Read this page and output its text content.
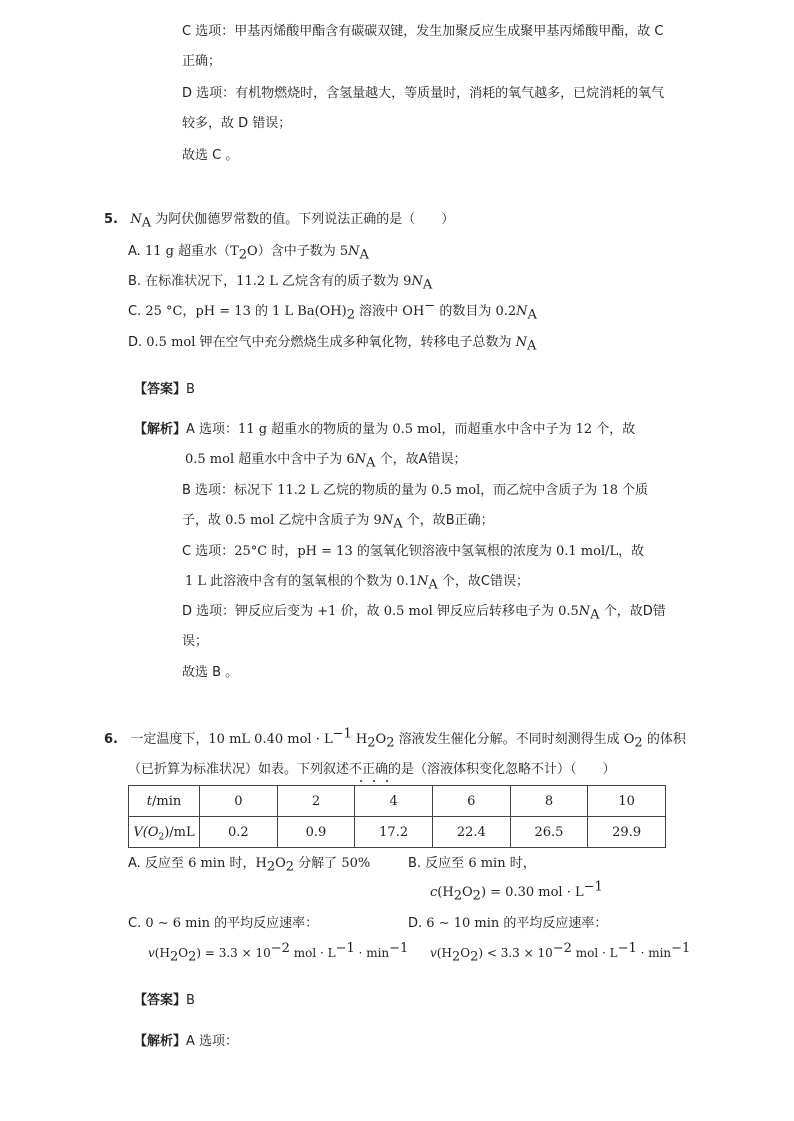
C 选项：甲基丙烯酸甲酯含有碳碳双键，发生加聚反应生成聚甲基丙烯酸甲酯，故 C
正确；
D 选项：有机物燃烧时，含氢量越大，等质量时，消耗的氧气越多，已烷消耗的氧气
较多，故 D 错误；
故选 C 。
5. $N_A$ 为阿伏伽德罗常数的值。下列说法正确的是（　　）
A. 11 g 超重水$(T_2O)$含中子数为 $5N_A$
B. 在标准状况下，11.2 L 乙烷含有的质子数为 $9N_A$
C. 25 °C，pH = 13 的 1 L $Ba(OH)_2$ 溶液中 OH− 的数目为 $0.2N_A$
D. 0.5 mol 钾在空气中充分燃烧生成多种氧化物，转移电子总数为 $N_A$
【答案】B
【解析】A 选项：11 g 超重水的物质的量为 0.5 mol，而超重水中含中子为 12 个，故
0.5 mol 超重水中含中子为 $6N_A$ 个，故A错误；
B 选项：标况下 11.2 L 乙烷的物质的量为 0.5 mol，而乙烷中含质子为 18 个质
子，故 0.5 mol 乙烷中含质子为 $9N_A$ 个，故B正确；
C 选项：25°C 时，pH = 13 的氢氧化钡溶液中氢氧根的浓度为 0.1 mol/L，故
1 L 此溶液中含有的氢氧根的个数为 $0.1N_A$ 个，故C错误；
D 选项：钾反应后变为 +1 价，故 0.5 mol 钾反应后转移电子为 $0.5N_A$ 个，故D错
误；
故选 B 。
6. 一定温度下，10 mL 0.40 mol · $L^{-1}$ $H_2O_2$ 溶液发生催化分解。不同时刻测得生成 $O_2$ 的体积
（已折算为标准状况）如表。下列叙述不正确的是（溶液体积变化忽略不计）（　　）
t/min	0	2	4	6	8	10
$V(O_2)/mL$	0.2	0.9	17.2	22.4	26.5	29.9
A. 反应至 6 min 时，$H_2O_2$ 分解了 50%	B. 反应至 6 min 时，
$c(H_2O_2) = 0.30$ mol · $L^{-1}$
C. 0 ∼ 6 min 的平均反应速率：
$v(H_2O_2) = 3.3 \times 10^{-2}$ mol · $L^{-1} \cdot \min^{-1}$
D. 6 ∼ 10 min 的平均反应速率：
$v(H_2O_2) < 3.3 \times 10^{-2}$ mol · $L^{-1} \cdot \min^{-1}$
【答案】B
【解析】A 选项：
